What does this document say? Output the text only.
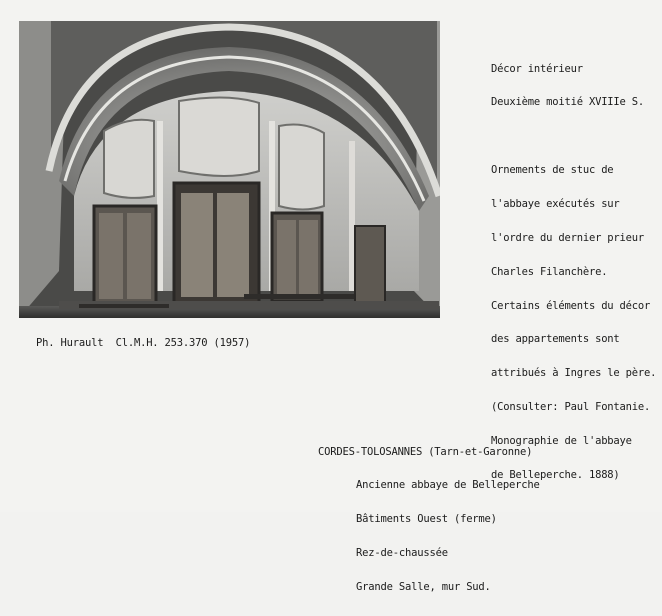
Décor intérieur

Deuxième moitié XVIIIe S.

Ornements de stuc de

l'abbaye exécutés sur

l'ordre du dernier prieur

Charles Filanchère.

Certains éléments du décor

des appartements sont

attribués à Ingres le père.

(Consulter: Paul Fontanie.

Monographie de l'abbaye

de Belleperche. 1888)

Ph. Hurault  Cl.M.H. 253.370 (1957)

CORDES-TOLOSANNES (Tarn-et-Garonne)

Ancienne abbaye de Belleperche

Bâtiments Ouest (ferme)

Rez-de-chaussée

Grande Salle, mur Sud.
